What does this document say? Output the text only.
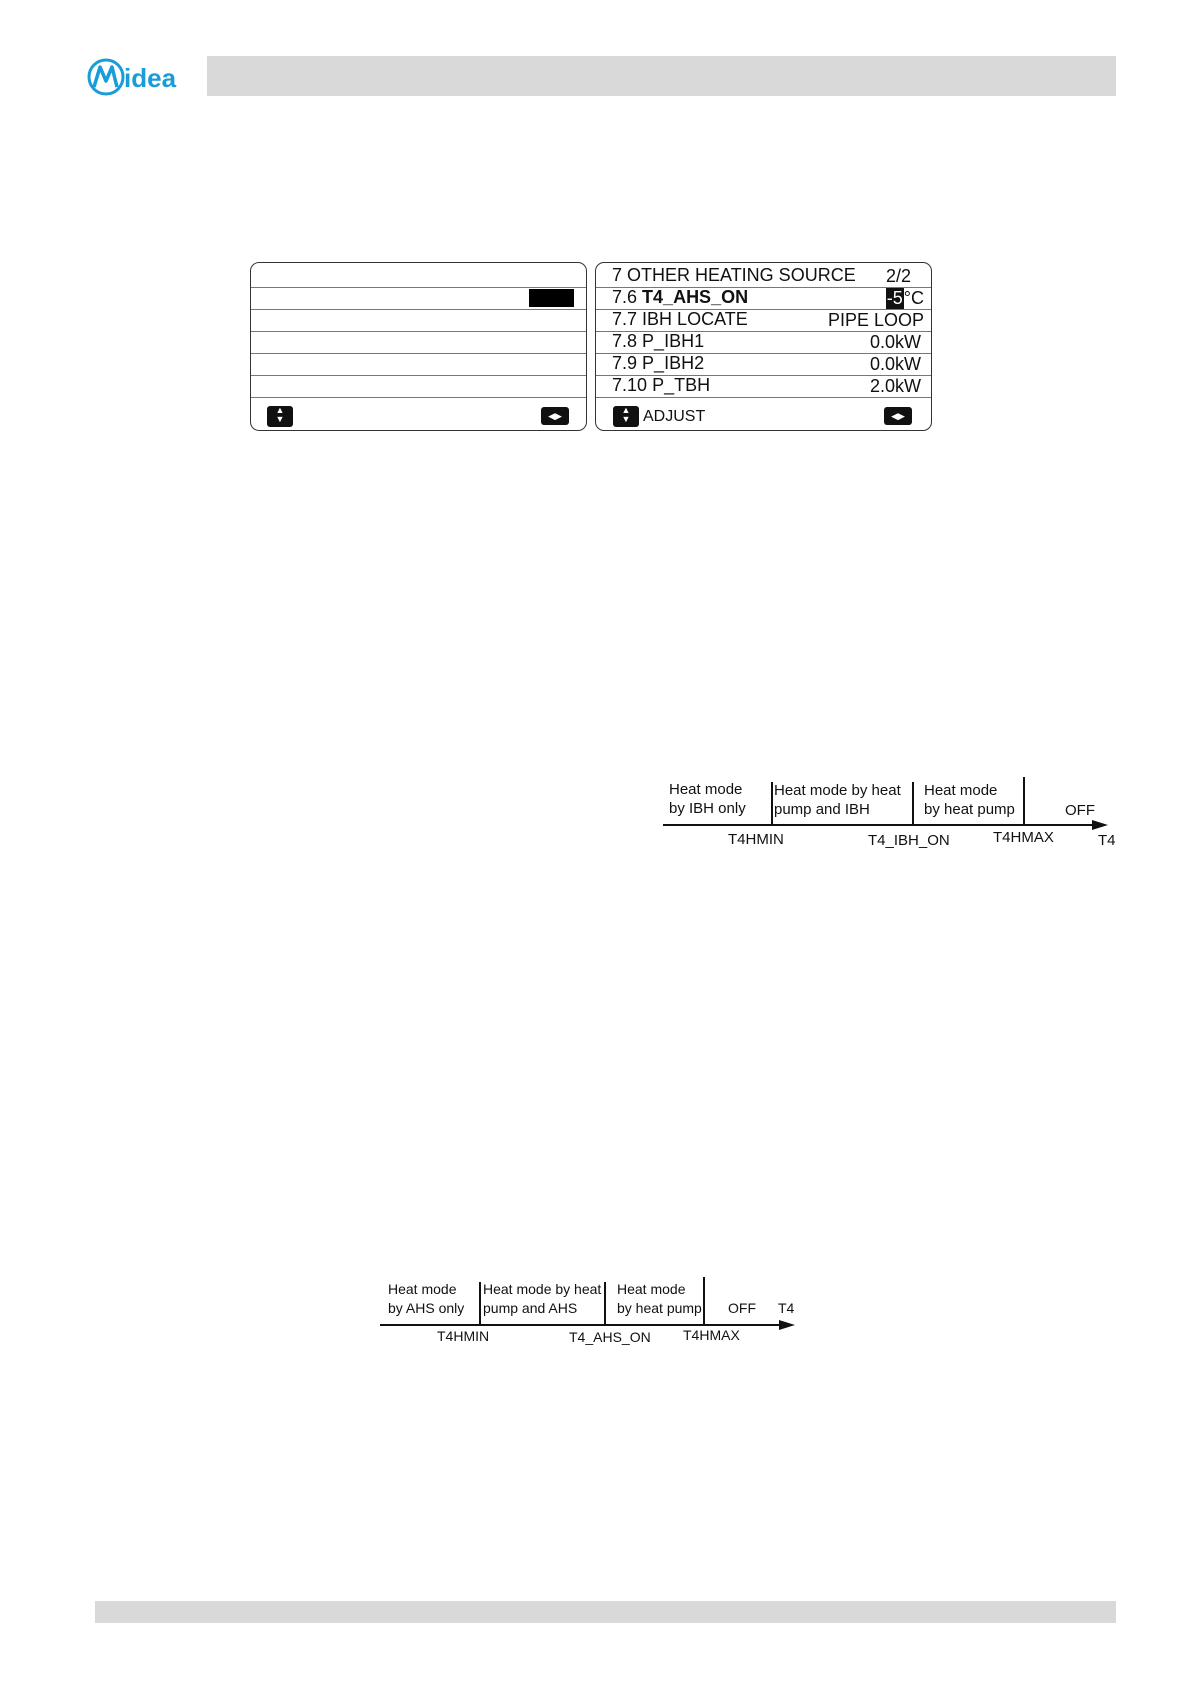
idea
▲
▼	◀▶
7 OTHER HEATING SOURCE 2/2
7.6 T4_AHS_ON	-5°C
7.7 IBH LOCATE	PIPE LOOP
7.8 P_IBH1	0.0kW
7.9 P_IBH2	0.0kW
7.10 P_TBH	2.0kW
▲
▼ ADJUST	◀▶
Heat mode
by IBH only
Heat mode by heat
pump and IBH
Heat mode
by heat pump	OFF
T4HMIN	T4_IBH_ON	T4HMAX	T4
Heat mode
by AHS only
Heat mode by heat
pump and AHS
Heat mode
by heat pump OFF T4
T4HMIN	T4_AHS_ON T4HMAX
